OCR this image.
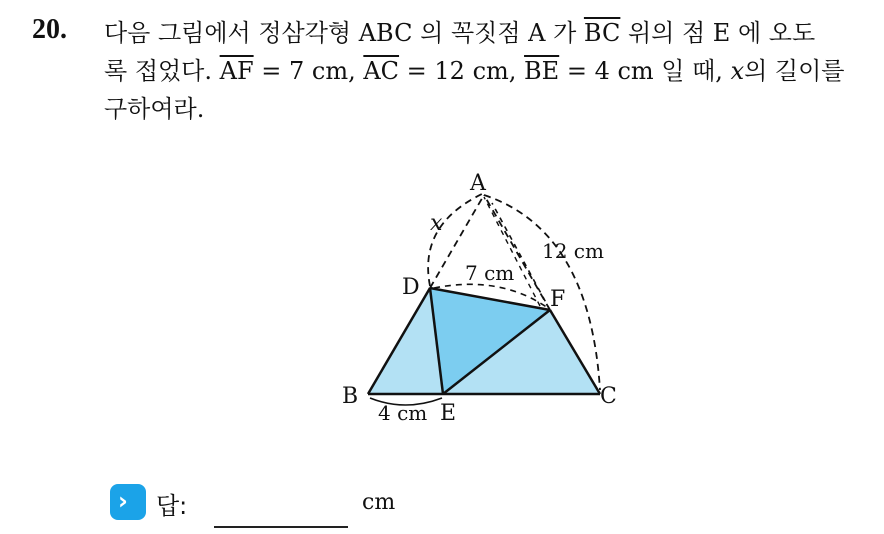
20. 다음 그림에서 정삼각형 ABC 의 꼭짓점 A 가 $\overline{BC}$ 위의 점 E 에 오도
록 접었다. $\overline{AF} = 7$ cm, $\overline{AC} = 12$ cm, $\overline{BE} = 4$ cm 일 때, x의 길이를
구하여라.
A
B	C
D
E
F
x
7 cm
12 cm
4 cm
› 답:	cm
